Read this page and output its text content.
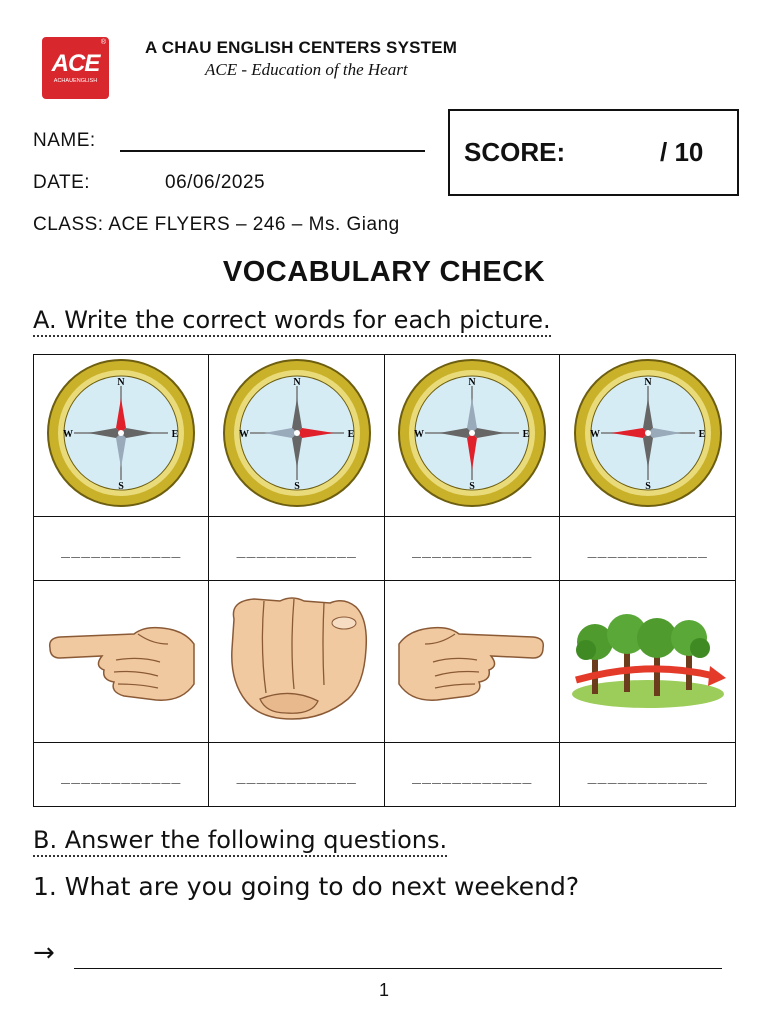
®
ACE
ACHAUENGLISH
A CHAU ENGLISH CENTERS SYSTEM
ACE - Education of the Heart
NAME:
DATE:	06/06/2025
CLASS: ACE FLYERS – 246 – Ms. Giang
SCORE:	/ 10
VOCABULARY CHECK
A. Write the correct words for each picture.
N
S
E
W	N
S
E
W	N
S
E
W	N
S
E
W

____________	____________	____________	____________

____________	____________	____________	____________
B. Answer the following questions.
1. What are you going to do next weekend?
→
1
